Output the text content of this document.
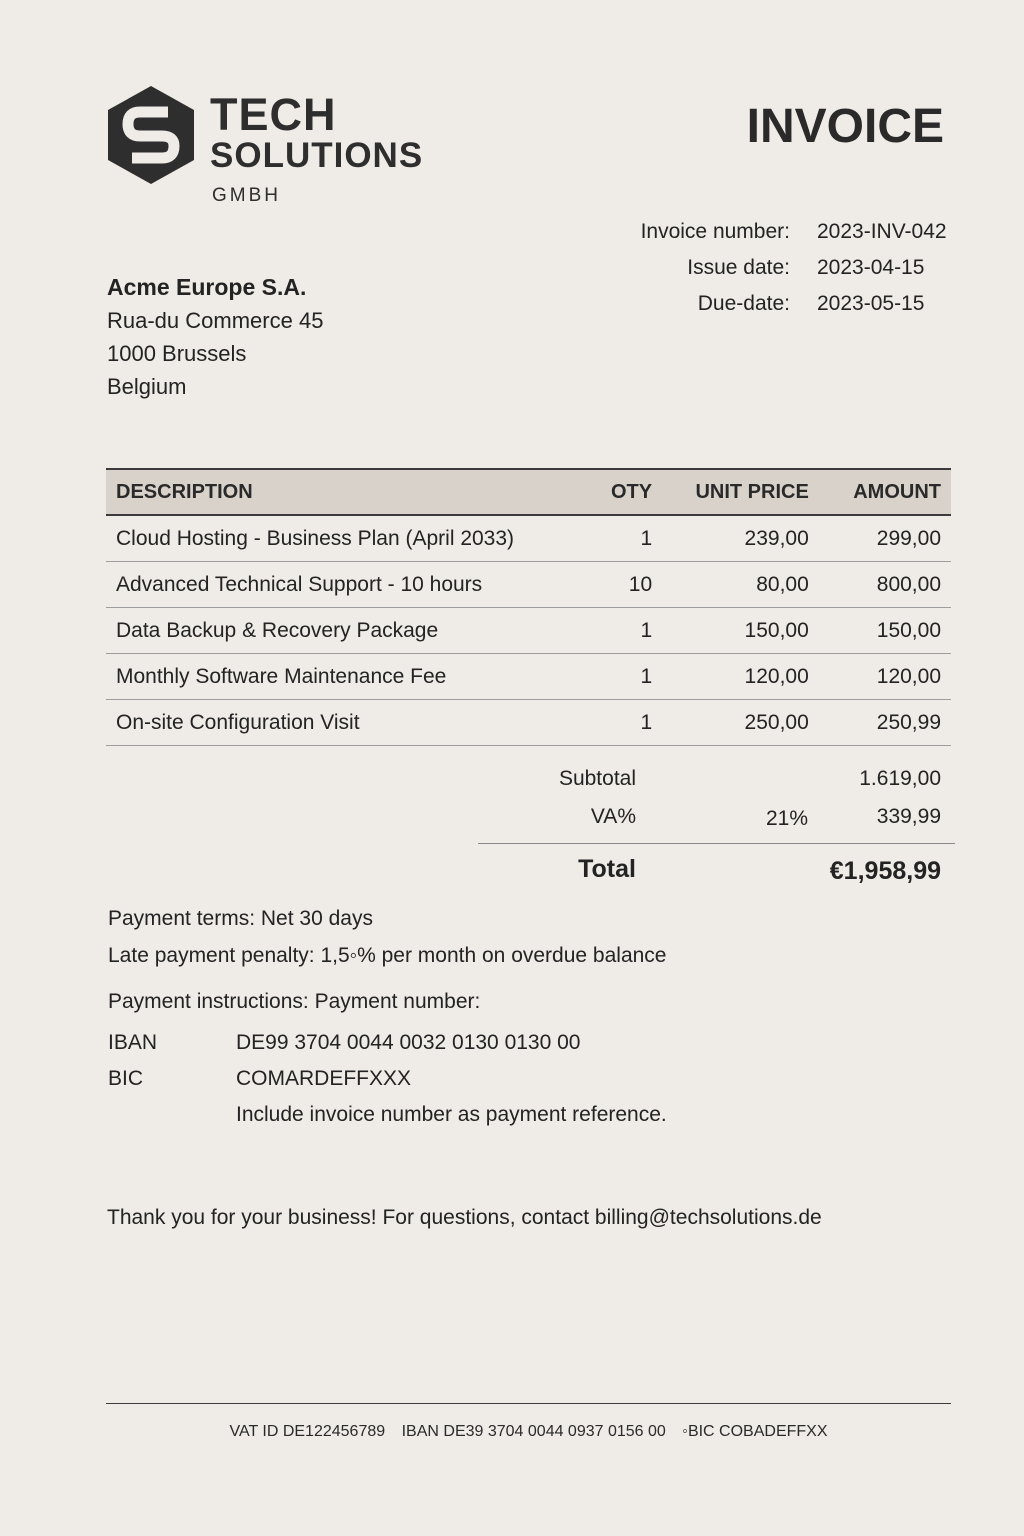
TECH
SOLUTIONS
GMBH
INVOICE
Invoice number: 2023-INV-042
Issue date: 2023-04-15
Due-date: 2023-05-15
Acme Europe S.A.
Rua-du Commerce 45
1000 Brussels
Belgium
DESCRIPTION	OTY	UNIT PRICE	AMOUNT
Cloud Hosting - Business Plan (April 2033)	1	239,00	299,00
Advanced Technical Support - 10 hours	10	80,00	800,00
Data Backup & Recovery Package	1	150,00	150,00
Monthly Software Maintenance Fee	1	120,00	120,00
On-site Configuration Visit	1	250,00	250,99
Subtotal	1.619,00
VA%	21%	339,99
Total	€1,958,99
Payment terms: Net 30 days
Late payment penalty: 1,5◦% per month on overdue balance
Payment instructions: Payment number:
IBAN	DE99 3704 0044 0032 0130 0130 00
BIC	COMARDEFFXXX
Include invoice number as payment reference.
Thank you for your business! For questions, contact billing@techsolutions.de
VAT ID DE122456789 IBAN DE39 3704 0044 0937 0156 00 ◦BIC COBADEFFXX
